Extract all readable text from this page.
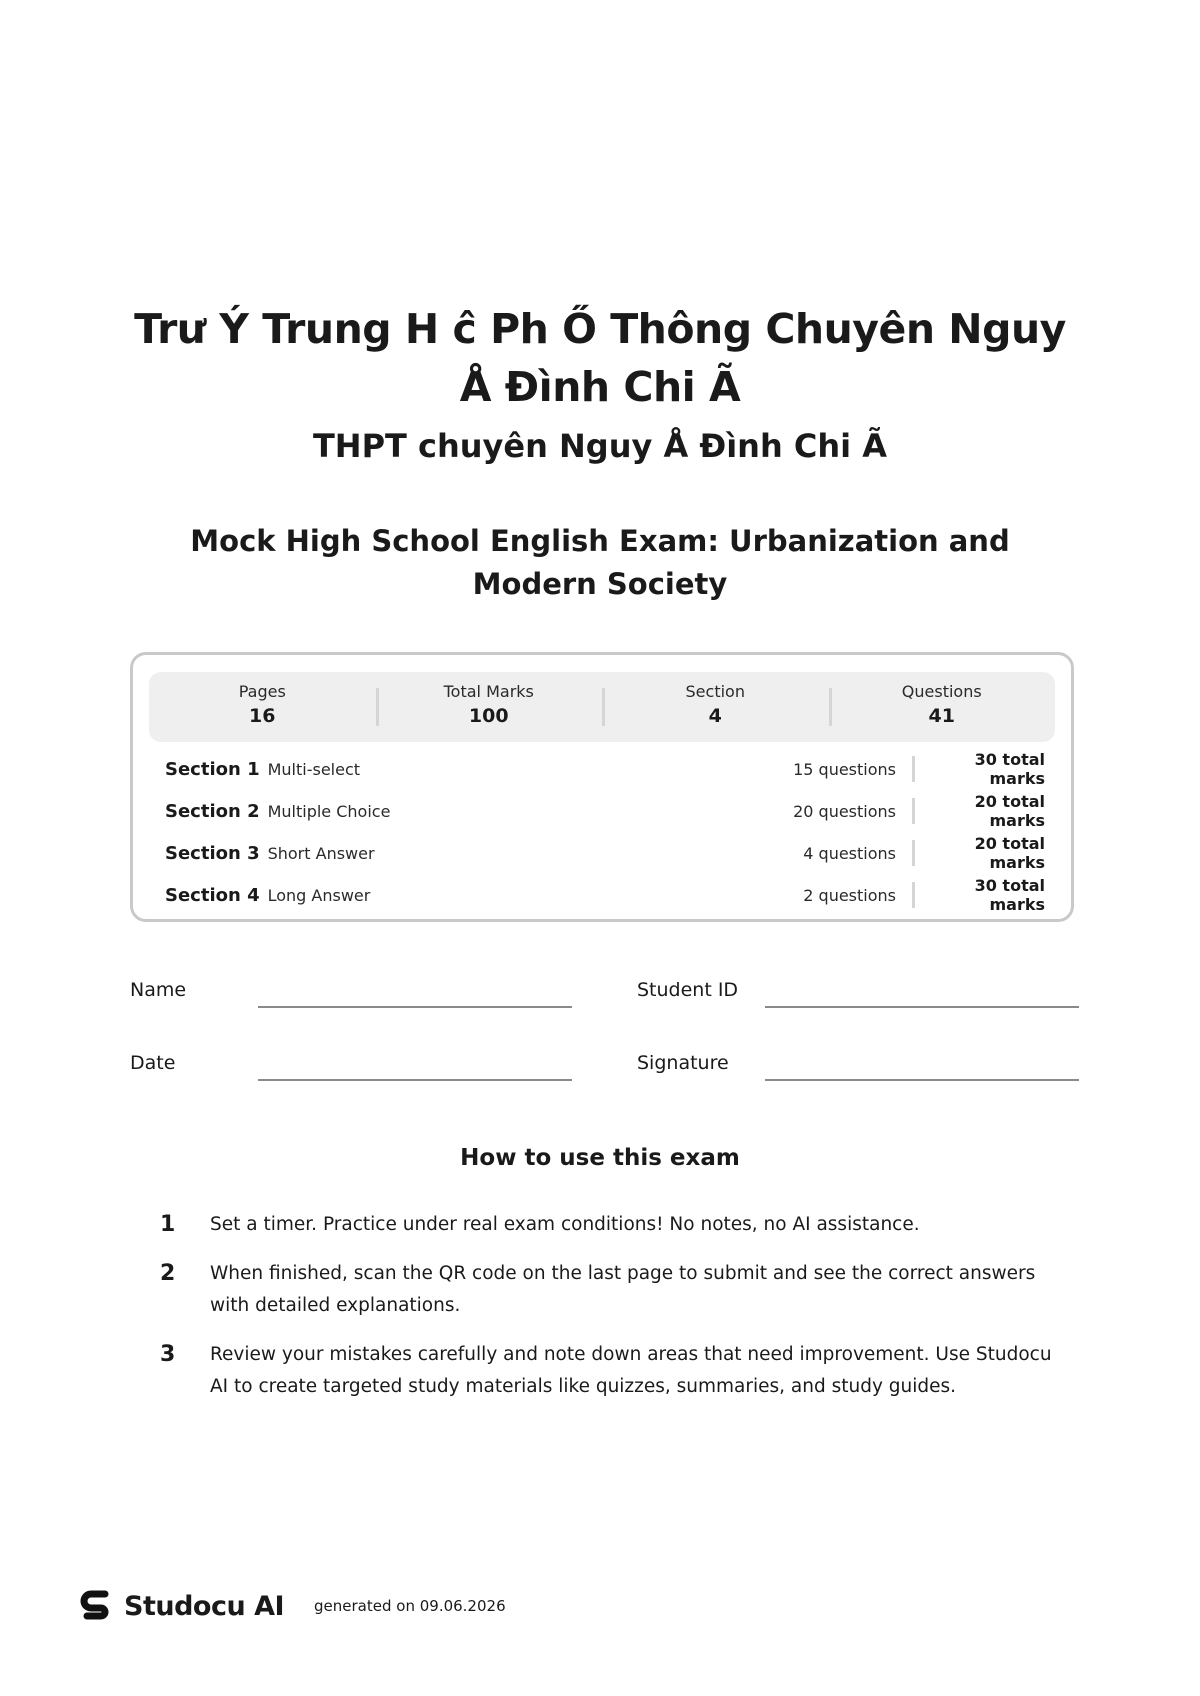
Trư Ý Trung H ĉ Ph Ő Thông Chuyên Nguy Å Đình Chi Ã
THPT chuyên Nguy Å Đình Chi Ã
Mock High School English Exam: Urbanization and Modern Society
Pages
16
Total Marks
100
Section
4
Questions
41
Section 1 Multi-select	15 questions	30 total marks
Section 2 Multiple Choice	20 questions	20 total marks
Section 3 Short Answer	4 questions	20 total marks
Section 4 Long Answer	2 questions	30 total marks
Name	Student ID
Date	Signature
How to use this exam
1	Set a timer. Practice under real exam conditions! No notes, no AI assistance.
2	When finished, scan the QR code on the last page to submit and see the correct answers with detailed explanations.
3	Review your mistakes carefully and note down areas that need improvement. Use Studocu AI to create targeted study materials like quizzes, summaries, and study guides.
Studocu AI generated on 09.06.2026
